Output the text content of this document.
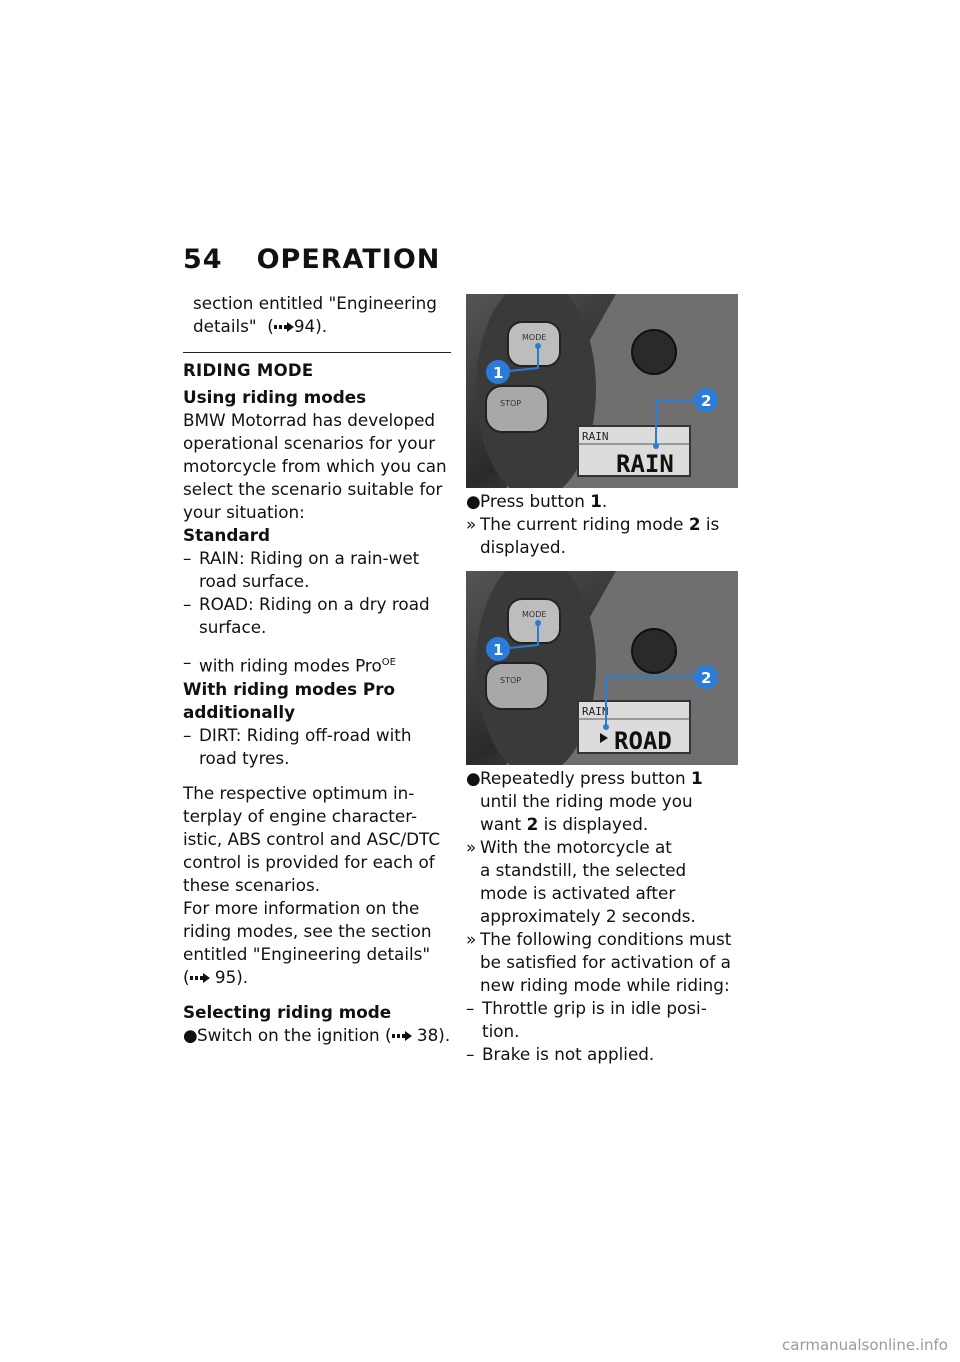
54 OPERATION

section entitled "Engineering
details"  ( 94).

RIDING MODE
Using riding modes

BMW Motorrad has developed
operational scenarios for your
motorcycle from which you can
select the scenario suitable for
your situation:

Standard

– RAIN: Riding on a rain-wet
road surface.

– ROAD: Riding on a dry road
surface.

– with riding modes Pro$^{OE}$

With riding modes Pro
additionally

– DIRT: Riding off-road with
road tyres.

The respective optimum in-
terplay of engine character-
istic, ABS control and ASC/DTC
control is provided for each of
these scenarios.

For more information on the
riding modes, see the section
entitled "Engineering details"
( 95).

Selecting riding mode

● Switch on the ignition ( 38).

MODE
STOP
RAIN
RAIN
1
2

● Press button 1.

» The current riding mode 2 is
displayed.

MODE
STOP
RAIN
ROAD
1
2

● Repeatedly press button 1
until the riding mode you
want 2 is displayed.

» With the motorcycle at
a standstill, the selected
mode is activated after
approximately 2 seconds.

» The following conditions must
be satisfied for activation of a
new riding mode while riding:

– Throttle grip is in idle posi-
tion.

– Brake is not applied.

carmanualsonline.info
